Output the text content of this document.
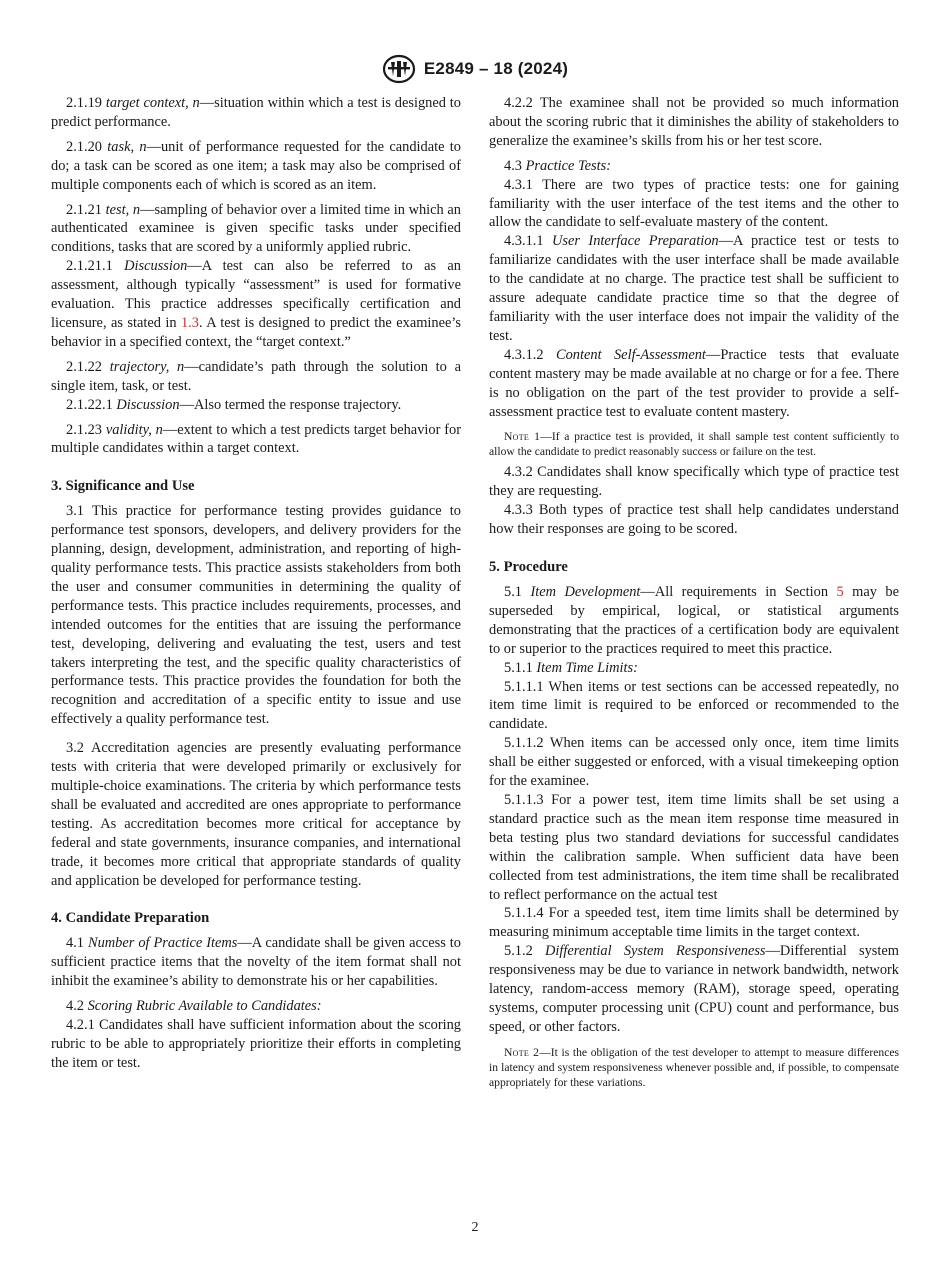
E2849 – 18 (2024)

2.1.19 target context, n—situation within which a test is designed to predict performance.

2.1.20 task, n—unit of performance requested for the candidate to do; a task can be scored as one item; a task may also be comprised of multiple components each of which is scored as an item.

2.1.21 test, n—sampling of behavior over a limited time in which an authenticated examinee is given specific tasks under specified conditions, tasks that are scored by a uniformly applied rubric.

2.1.21.1 Discussion—A test can also be referred to as an assessment, although typically “assessment” is used for formative evaluation. This practice addresses specifically certification and licensure, as stated in 1.3. A test is designed to predict the examinee’s behavior in a specified context, the “target context.”

2.1.22 trajectory, n—candidate’s path through the solution to a single item, task, or test.

2.1.22.1 Discussion—Also termed the response trajectory.

2.1.23 validity, n—extent to which a test predicts target behavior for multiple candidates within a target context.

3. Significance and Use

3.1 This practice for performance testing provides guidance to performance test sponsors, developers, and delivery providers for the planning, design, development, administration, and reporting of high-quality performance tests. This practice assists stakeholders from both the user and consumer communities in determining the quality of performance tests. This practice includes requirements, processes, and intended outcomes for the entities that are issuing the performance test, developing, delivering and evaluating the test, users and test takers interpreting the test, and the specific quality characteristics of performance tests. This practice provides the foundation for both the recognition and accreditation of a specific entity to issue and use effectively a quality performance test.

3.2 Accreditation agencies are presently evaluating performance tests with criteria that were developed primarily or exclusively for multiple-choice examinations. The criteria by which performance tests shall be evaluated and accredited are ones appropriate to performance testing. As accreditation becomes more critical for acceptance by federal and state governments, insurance companies, and international trade, it becomes more critical that appropriate standards of quality and application be developed for performance testing.

4. Candidate Preparation

4.1 Number of Practice Items—A candidate shall be given access to sufficient practice items that the novelty of the item format shall not inhibit the examinee’s ability to demonstrate his or her capabilities.

4.2 Scoring Rubric Available to Candidates:

4.2.1 Candidates shall have sufficient information about the scoring rubric to be able to appropriately prioritize their efforts in completing the item or test.

4.2.2 The examinee shall not be provided so much information about the scoring rubric that it diminishes the ability of stakeholders to generalize the examinee’s skills from his or her test score.

4.3 Practice Tests:

4.3.1 There are two types of practice tests: one for gaining familiarity with the user interface of the test items and the other to allow the candidate to self-evaluate mastery of the content.

4.3.1.1 User Interface Preparation—A practice test or tests to familiarize candidates with the user interface shall be made available to the candidate at no charge. The practice test shall be sufficient to assure adequate candidate practice time so that the degree of familiarity with the user interface does not impair the validity of the test.

4.3.1.2 Content Self-Assessment—Practice tests that evaluate content mastery may be made available at no charge or for a fee. There is no obligation on the part of the test provider to provide a self-assessment practice test to evaluate content mastery.

Note 1—If a practice test is provided, it shall sample test content sufficiently to allow the candidate to predict reasonably success or failure on the test.

4.3.2 Candidates shall know specifically which type of practice test they are requesting.

4.3.3 Both types of practice test shall help candidates understand how their responses are going to be scored.

5. Procedure

5.1 Item Development—All requirements in Section 5 may be superseded by empirical, logical, or statistical arguments demonstrating that the practices of a certification body are equivalent to or superior to the practices required to meet this practice.

5.1.1 Item Time Limits:

5.1.1.1 When items or test sections can be accessed repeatedly, no item time limit is required to be enforced or recommended to the candidate.

5.1.1.2 When items can be accessed only once, item time limits shall be either suggested or enforced, with a visual timekeeping option for the examinee.

5.1.1.3 For a power test, item time limits shall be set using a standard practice such as the mean item response time measured in beta testing plus two standard deviations for successful candidates within the calibration sample. When sufficient data have been collected from test administrations, the item time shall be recalibrated to reflect performance on the actual test

5.1.1.4 For a speeded test, item time limits shall be determined by measuring minimum acceptable time limits in the target context.

5.1.2 Differential System Responsiveness—Differential system responsiveness may be due to variance in network bandwidth, network latency, random-access memory (RAM), storage speed, operating systems, computer processing unit (CPU) count and performance, bus speed, or other factors.

Note 2—It is the obligation of the test developer to attempt to measure differences in latency and system responsiveness whenever possible and, if possible, to compensate appropriately for these variations.
2
